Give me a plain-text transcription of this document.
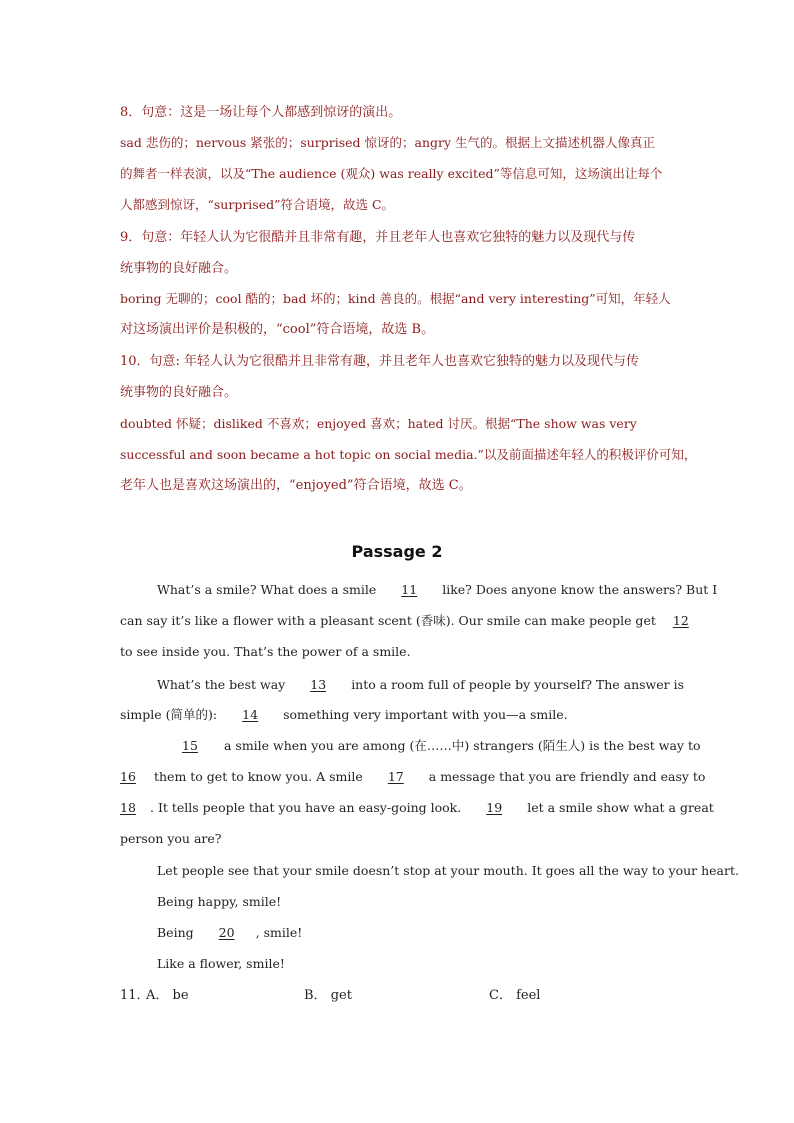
8．句意：这是一场让每个人都感到惊讶的演出。
sad 悲伤的；nervous 紧张的；surprised 惊讶的；angry 生气的。根据上文描述机器人像真正
的舞者一样表演，以及“The audience (观众) was really excited”等信息可知，这场演出让每个
人都感到惊讶，“surprised”符合语境，故选 C。
9．句意：年轻人认为它很酷并且非常有趣，并且老年人也喜欢它独特的魅力以及现代与传
统事物的良好融合。
boring 无聊的；cool 酷的；bad 坏的；kind 善良的。根据“and very interesting”可知，年轻人
对这场演出评价是积极的，“cool”符合语境，故选 B。
10．句意: 年轻人认为它很酷并且非常有趣，并且老年人也喜欢它独特的魅力以及现代与传
统事物的良好融合。
doubted 怀疑；disliked 不喜欢；enjoyed 喜欢；hated 讨厌。根据“The show was very
successful and soon became a hot topic on social media.”以及前面描述年轻人的积极评价可知，
老年人也是喜欢这场演出的，“enjoyed”符合语境，故选 C。
Passage 2
What’s a smile? What does a smile 11 like? Does anyone know the answers? But I
can say it’s like a flower with a pleasant scent (香味). Our smile can make people get 12
to see inside you. That’s the power of a smile.
What’s the best way 13 into a room full of people by yourself? The answer is
simple (简单的): 14 something very important with you—a smile.
15 a smile when you are among (在……中) strangers (陌生人) is the best way to
16 them to get to know you. A smile 17 a message that you are friendly and easy to
18 . It tells people that you have an easy-going look. 19 let a smile show what a great
person you are?
Let people see that your smile doesn’t stop at your mouth. It goes all the way to your heart.
Being happy, smile!
Being 20 , smile!
Like a flower, smile!
11．
A． be	B． get	C． feel
